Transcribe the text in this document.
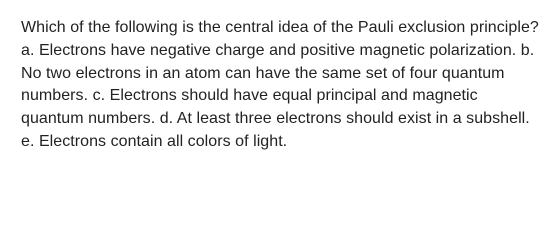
Which of the following is the central idea of the Pauli exclusion principle? a. Electrons have negative charge and positive magnetic polarization. b. No two electrons in an atom can have the same set of four quantum numbers. c. Electrons should have equal principal and magnetic quantum numbers. d. At least three electrons should exist in a subshell. e. Electrons contain all colors of light.
